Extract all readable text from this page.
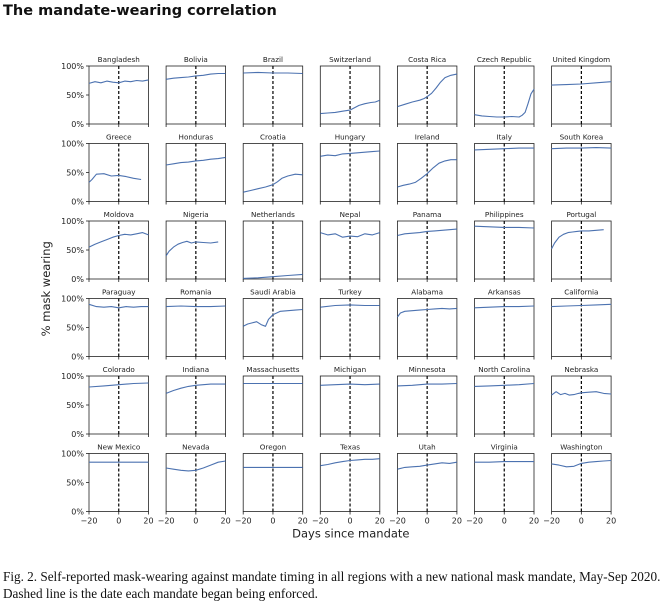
The mandate-wearing correlation
Bangladesh
0%
50%
100%
Bolivia	Brazil	Switzerland	Costa Rica	Czech Republic	United Kingdom
Greece
0%
50%
100%
Honduras	Croatia	Hungary	Ireland	Italy	South Korea
Moldova
0%
50%
100%
Nigeria	Netherlands	Nepal	Panama	Philippines	Portugal
Paraguay
0%
50%
100%
Romania	Saudi Arabia	Turkey	Alabama	Arkansas	California
Colorado
0%
50%
100%
Indiana	Massachusetts	Michigan	Minnesota	North Carolina	Nebraska
New Mexico
0%
50%
100%
Nevada	Oregon	Texas	Utah	Virginia	Washington
−20 0	20 −20 0	20 −20 0	20 −20 0	20 −20 0	20 −20 0	20 −20 0	20
Days since mandate
% mask wearing

Fig. 2. Self-reported mask-wearing against mandate timing in all regions with a new national mask mandate, May-Sep 2020. Dashed line is the date each mandate began being enforced.
